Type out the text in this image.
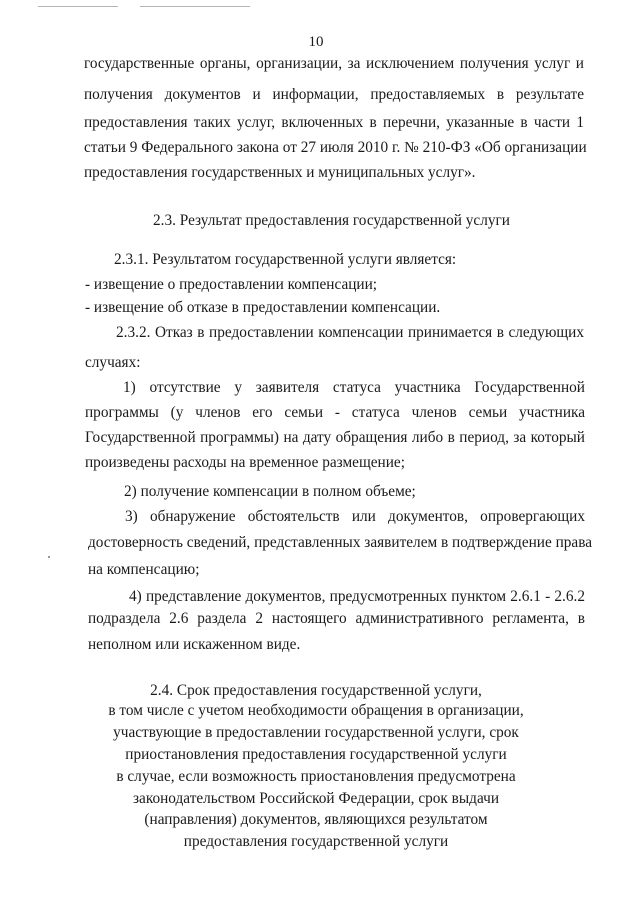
10
государственные органы, организации, за исключением получения услуг и
получения документов и информации, предоставляемых в результате
предоставления таких услуг, включенных в перечни, указанные в части 1
статьи 9 Федерального закона от 27 июля 2010 г. № 210-ФЗ «Об организации
предоставления государственных и муниципальных услуг».
2.3. Результат предоставления государственной услуги
2.3.1. Результатом государственной услуги является:
- извещение о предоставлении компенсации;
- извещение об отказе в предоставлении компенсации.
2.3.2. Отказ в предоставлении компенсации принимается в следующих
случаях:
1) отсутствие у заявителя статуса участника Государственной
программы (у членов его семьи - статуса членов семьи участника
Государственной программы) на дату обращения либо в период, за который
произведены расходы на временное размещение;
2) получение компенсации в полном объеме;
3) обнаружение обстоятельств или документов, опровергающих
достоверность сведений, представленных заявителем в подтверждение права
на компенсацию;
4) представление документов, предусмотренных пунктом 2.6.1 - 2.6.2
подраздела 2.6 раздела 2 настоящего административного регламента, в
неполном или искаженном виде.
2.4. Срок предоставления государственной услуги,
в том числе с учетом необходимости обращения в организации,
участвующие в предоставлении государственной услуги, срок
приостановления предоставления государственной услуги
в случае, если возможность приостановления предусмотрена
законодательством Российской Федерации, срок выдачи
(направления) документов, являющихся результатом
предоставления государственной услуги
